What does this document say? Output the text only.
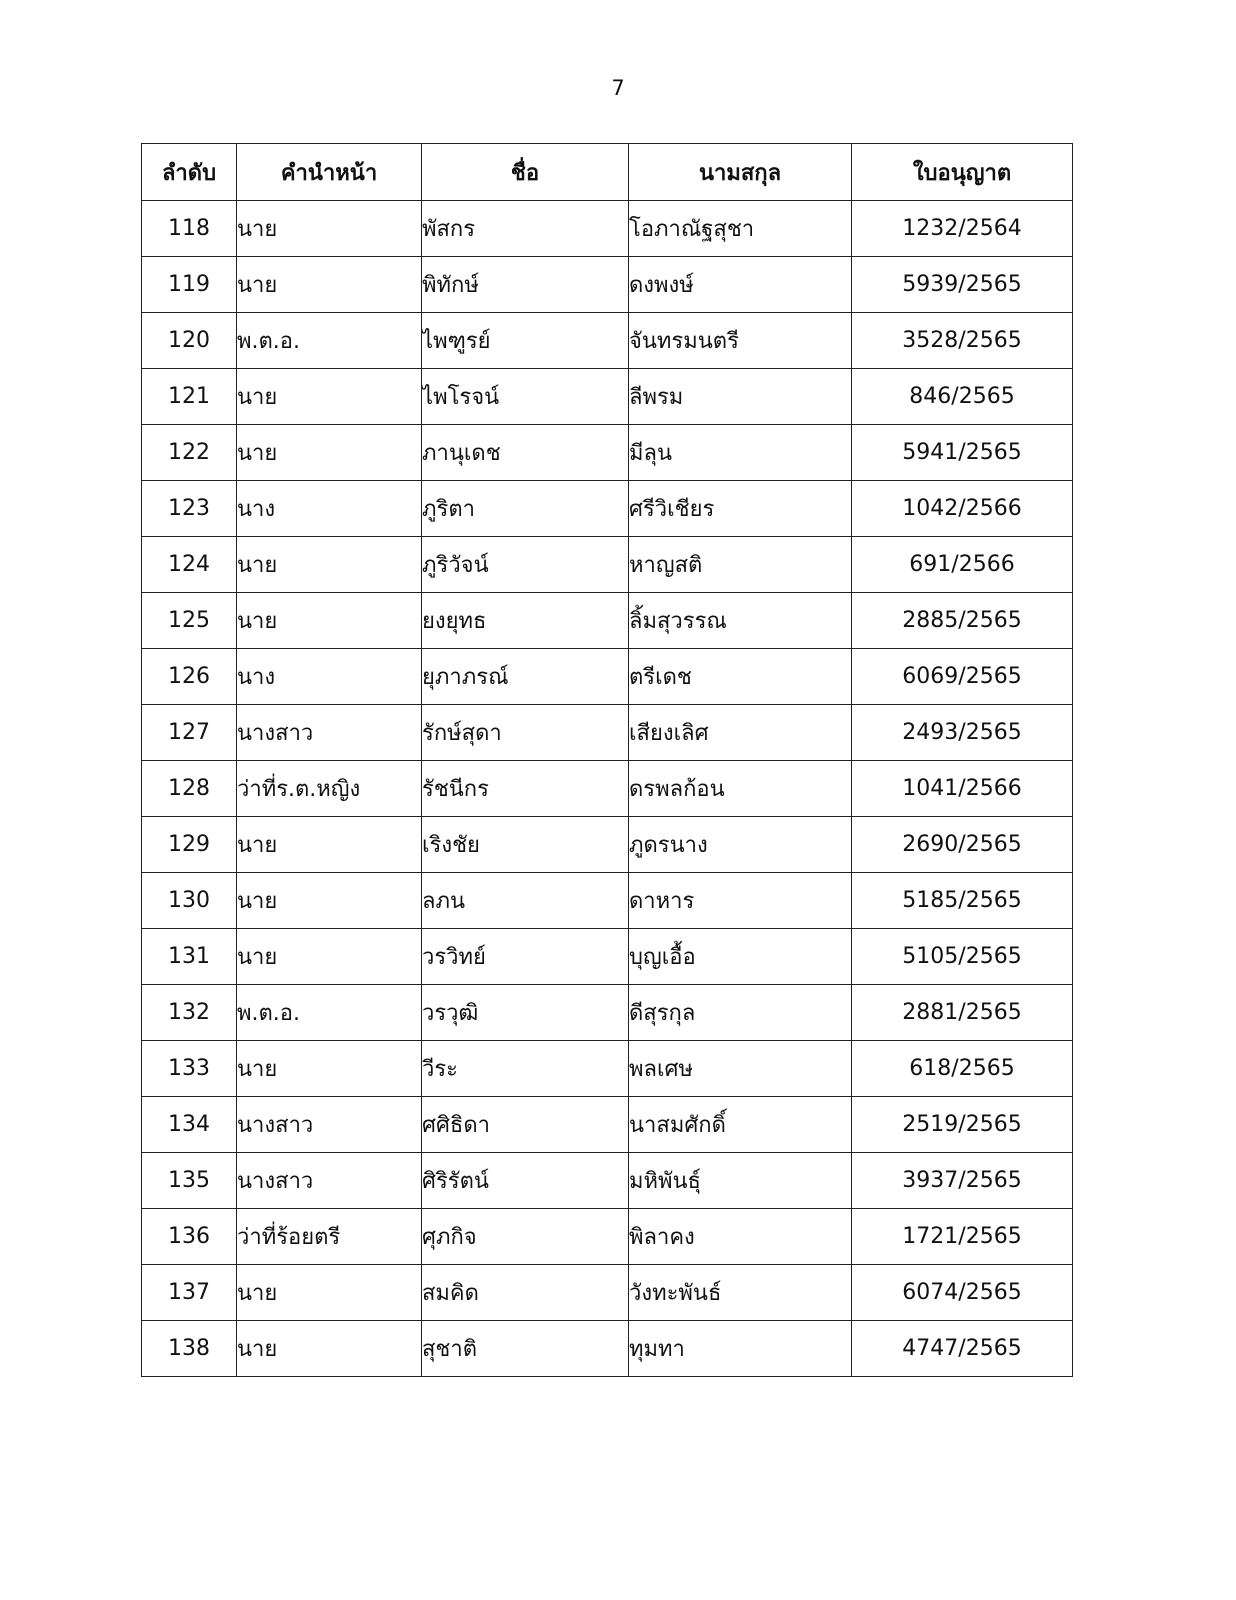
7
ลำดับ	คำนำหน้า	ชื่อ	นามสกุล	ใบอนุญาต
118	นาย	พัสกร	โอภาณัฐสุชา	1232/2564
119	นาย	พิทักษ์	ดงพงษ์	5939/2565
120	พ.ต.อ.	ไพฑูรย์	จันทรมนตรี	3528/2565
121	นาย	ไพโรจน์	ลีพรม	846/2565
122	นาย	ภานุเดช	มีลุน	5941/2565
123	นาง	ภูริตา	ศรีวิเชียร	1042/2566
124	นาย	ภูริวัจน์	หาญสติ	691/2566
125	นาย	ยงยุทธ	ลิ้มสุวรรณ	2885/2565
126	นาง	ยุภาภรณ์	ตรีเดช	6069/2565
127	นางสาว	รักษ์สุดา	เสียงเลิศ	2493/2565
128	ว่าที่ร.ต.หญิง	รัชนีกร	ดรพลก้อน	1041/2566
129	นาย	เริงชัย	ภูดรนาง	2690/2565
130	นาย	ลภน	ดาหาร	5185/2565
131	นาย	วรวิทย์	บุญเอื้อ	5105/2565
132	พ.ต.อ.	วรวุฒิ	ดีสุรกุล	2881/2565
133	นาย	วีระ	พลเศษ	618/2565
134	นางสาว	ศศิธิดา	นาสมศักดิ์	2519/2565
135	นางสาว	ศิริรัตน์	มหิพันธุ์	3937/2565
136	ว่าที่ร้อยตรี	ศุภกิจ	พิลาคง	1721/2565
137	นาย	สมคิด	วังทะพันธ์	6074/2565
138	นาย	สุชาติ	ทุมทา	4747/2565
